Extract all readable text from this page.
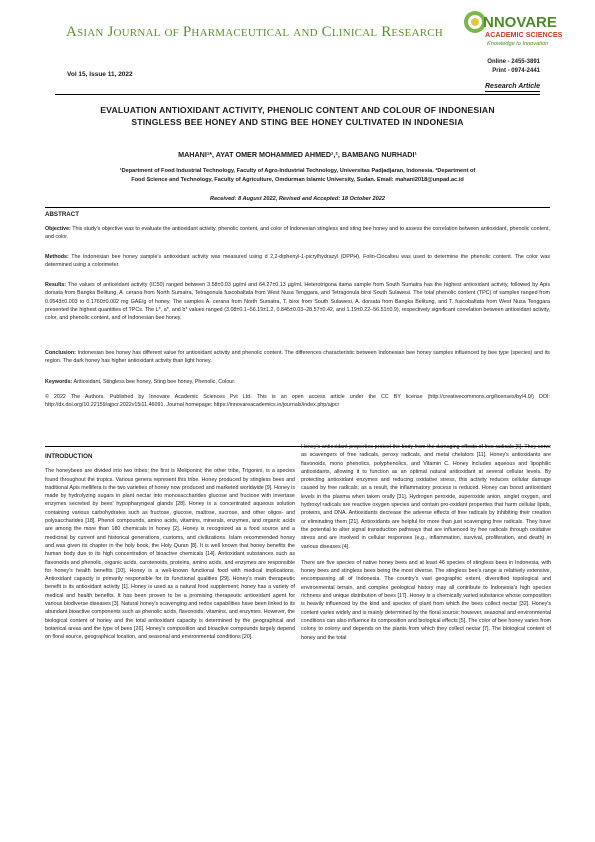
Asian Journal of Pharmaceutical and Clinical Research
NNOVARE
ACADEMIC SCIENCES
Knowledge to Innovation
Vol 15, Issue 11, 2022
Online - 2455-3891
Print - 0974-2441
Research Article
EVALUATION ANTIOXIDANT ACTIVITY, PHENOLIC CONTENT AND COLOUR OF INDONESIAN
STINGLESS BEE HONEY AND STING BEE HONEY CULTIVATED IN INDONESIA
MAHANI¹*, AYAT OMER MOHAMMED AHMED¹,², BAMBANG NURHADI¹
¹Department of Food Industrial Technology, Faculty of Agro-Industrial Technology, Universitas Padjadjaran, Indonesia. ²Department of
Food Science and Technology, Faculty of Agriculture, Omdurman Islamic University, Sudan. Email: mahani2018@unpad.ac.id
Received: 8 August 2022, Revised and Accepted: 18 October 2022
ABSTRACT
Objective: This study's objective was to evaluate the antioxidant activity, phenolic content, and color of Indonesian stingless and sting bee honey and to assess the correlation between antioxidant, phenolic content, and color.
Methods: The Indonesian bee honey sample's antioxidant activity was measured using d 2,2-diphenyl-1-picrylhydrazyl (DPPH). Folin-Ciocalteu was used to determine the phenolic content. The color was determined using a colorimeter.
Results: The values of antioxidant activity (IC50) ranged between 3.58±0.03 µg/ml and 64.27±0.13 µg/ml. Heterotrigona itama sample from South Sumatra has the highest antioxidant activity, followed by Apis dorsata from Bangka Belitung, A. cerana from North Sumatra, Tetragonula fuscobaltata from West Nusa Tenggara, and Tetragonula biroi South Sulawesi. The total phenolic content (TPC) of samples ranged from 0.0543±0.003 to 0.1760±0.002 mg GAE/g of honey. The samples A. cerana from North Sumatra, T. biroi from South Sulawesi, A. dorsata from Bangka Belitung, and T. fuscobaltata from West Nusa Tenggara presented the highest quantities of TPCs. The L*, a*, and b* values ranged (3.08±0.1–56.19±1.2, 0.845±0.03–28.57±0.42, and 1.19±0.22–56.51±0.9), respectively significant correlation between antioxidant activity, color, and phenolic content, and of Indonesian bee honey.
Conclusion: Indonesian bee honey has different value for antioxidant activity and phenolic content. The differences characteristic between Indonesian bee honey samples influenced by bee type (species) and its region. The dark honey has higher antioxidant activity than light honey.
Keywords: Antioxidant, Stingless bee honey, Sting bee honey, Phenolic, Colour.
© 2022 The Authors. Published by Innovare Academic Sciences Pvt Ltd. This is an open access article under the CC BY license (http://creativecommons.org/licenses/by/4.0/) DOI: http://dx.doi.org/10.22159/ajpcr.2022v15i11.46091. Journal homepage: https://innovareacademics.in/journals/index.php/ajpcr
INTRODUCTION

The honeybees are divided into two tribes; the first is Meliponini; the other tribe, Trigonini, is a species found throughout the tropics. Various genera represent this tribe. Honey produced by stingless bees and traditional Apis mellifera is the two varieties of honey now produced and marketed worldwide [9]. Honey is made by hydrolyzing sugars in plant nectar into monosaccharides glucose and fructose with invertase enzymes secreted by bees' hypopharyngeal glands [28]. Honey is a concentrated aqueous solution containing various carbohydrates such as fructose, glucose, maltose, sucrose, and other oligos- and polysaccharides [18]. Phenol compounds, amino acids, vitamins, minerals, enzymes, and organic acids are among the more than 180 chemicals in honey [2]. Honey is recognized as a food source and a medicinal by current and historical generations, customs, and civilizations. Islam recommended honey and was given its chapter in the holy book, the Holy Quran [8]. It is well known that honey benefits the human body due to its high concentration of bioactive chemicals [14]. Antioxidant substances such as flavonoids and phenolic, organic acids, carotenoids, proteins, amino acids, and enzymes are responsible for honey's health benefits [10]. Honey is a well-known functional food with medical implications. Antioxidant capacity is primarily responsible for its functional qualities [29]. Honey's main therapeutic benefit is its antioxidant activity [1]. Honey is used as a natural food supplement; honey has a variety of medical and health benefits. It has been proven to be a promising therapeutic antioxidant agent for various biodiverse diseases [3]. Natural honey's scavenging and redox capabilities have been linked to its abundant bioactive components such as phenolic acids, flavonoids, vitamins, and enzymes. However, the biological content of honey and the total antioxidant capacity is determined by the geographical and botanical areas and the type of bees [26]. Honey's composition and bioactive compounds largely depend on floral source, geographical location, and seasonal and environmental conditions [20].

Honey's antioxidant properties protect the body from the damaging effects of free radicals [6]. They serve as scavengers of free radicals, peroxy radicals, and metal chelators [11]. Honey's antioxidants are flavonoids, mono phenolics, polyphenolics, and Vitamin C. Honey includes aqueous and lipophilic antioxidants, allowing it to function as an optimal natural antioxidant at several cellular levels. By protecting antioxidant enzymes and reducing oxidative stress, this activity reduces cellular damage caused by free radicals; as a result, the inflammatory process is reduced. Honey can boost antioxidant levels in the plasma when taken orally [31]. Hydrogen peroxide, superoxide anion, singlet oxygen, and hydroxyl radicals are reactive oxygen species and contain pro-oxidant properties that harm cellular lipids, proteins, and DNA. Antioxidants decrease the adverse effects of free radicals by inhibiting their creation or eliminating them [21]. Antioxidants are helpful for more than just scavenging free radicals. They have the potential to alter signal transduction pathways that are influenced by free radicals through oxidative stress and are involved in cellular responses (e.g., inflammation, survival, proliferation, and death) in various diseases [4].

There are five species of native honey bees and at least 46 species of stingless bees in Indonesia, with honey bees and stingless bees being the most diverse. The stingless bee's range is relatively extensive, encompassing all of Indonesia. The country's vast geographic extent, diversified topological and environmental terrain, and complex geological history may all contribute to Indonesia's high species richness and unique distribution of bees [17]. Honey is a chemically varied substance whose composition is heavily influenced by the kind and species of plant from which the bees collect nectar [32]. Honey's content varies widely and is mainly determined by the floral source; however, seasonal and environmental conditions can also influence its composition and biological effects [5]. The color of bee honey varies from colony to colony and depends on the plants from which they collect nectar [7]. The biological content of honey and the total
